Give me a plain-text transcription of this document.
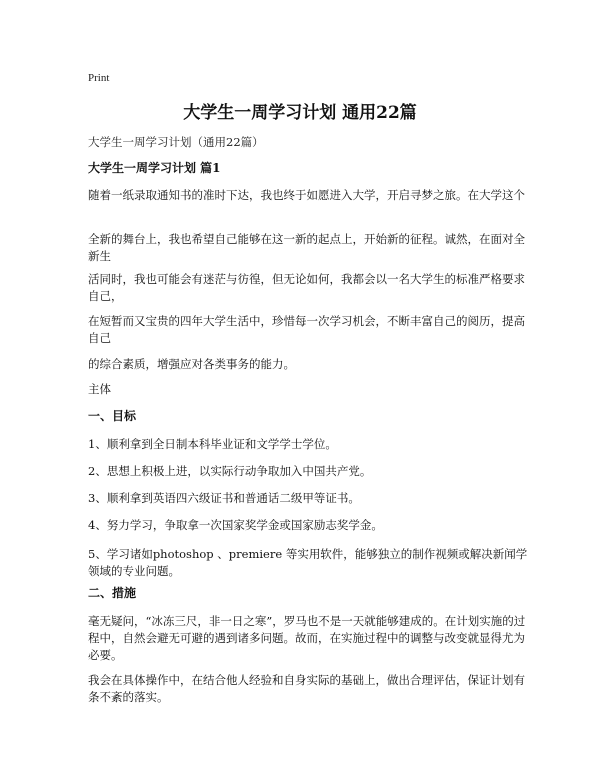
Print
大学生一周学习计划 通用22篇
大学生一周学习计划（通用22篇）
大学生一周学习计划 篇1
随着一纸录取通知书的准时下达，我也终于如愿进入大学，开启寻梦之旅。在大学这个
全新的舞台上，我也希望自己能够在这一新的起点上，开始新的征程。诚然，在面对全新生
活同时，我也可能会有迷茫与彷徨，但无论如何，我都会以一名大学生的标准严格要求自己，
在短暂而又宝贵的四年大学生活中，珍惜每一次学习机会，不断丰富自己的阅历，提高自己
的综合素质，增强应对各类事务的能力。
主体
一、目标
1、顺利拿到全日制本科毕业证和文学学士学位。
2、思想上积极上进，以实际行动争取加入中国共产党。
3、顺利拿到英语四六级证书和普通话二级甲等证书。
4、努力学习，争取拿一次国家奖学金或国家励志奖学金。
5、学习诸如photoshop 、premiere 等实用软件，能够独立的制作视频或解决新闻学领域的专业问题。
二、措施
毫无疑问，“冰冻三尺，非一日之寒”，罗马也不是一天就能够建成的。在计划实施的过程中，自然会避无可避的遇到诸多问题。故而，在实施过程中的调整与改变就显得尤为必要。
我会在具体操作中，在结合他人经验和自身实际的基础上，做出合理评估，保证计划有条不紊的落实。
